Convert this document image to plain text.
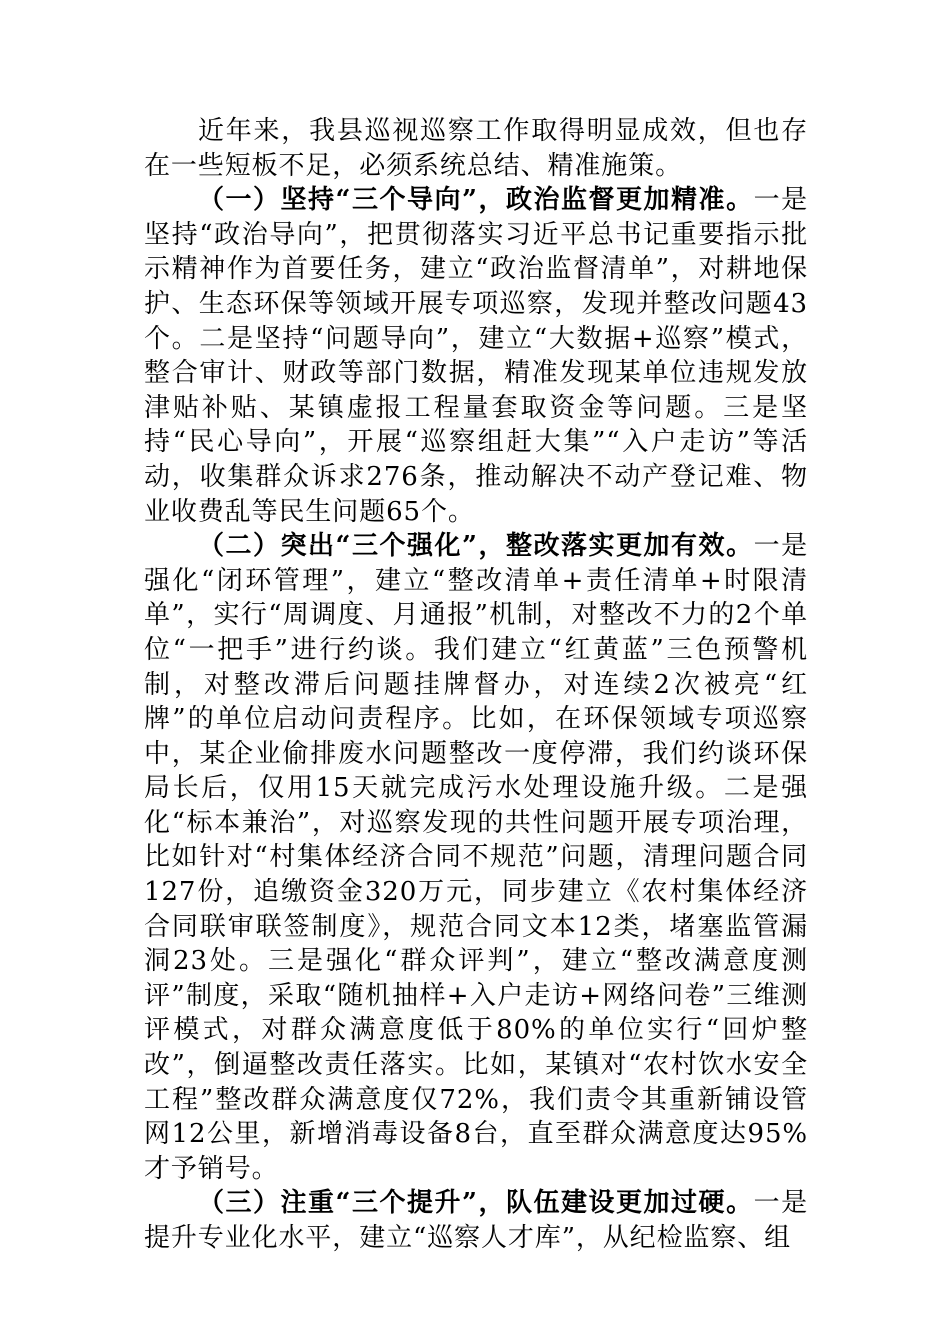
近年来，我县巡视巡察工作取得明显成效，但也存在一些短板不足，必须系统总结、精准施策。

（一）坚持“三个导向”，政治监督更加精准。一是坚持“政治导向”，把贯彻落实习近平总书记重要指示批示精神作为首要任务，建立“政治监督清单”，对耕地保护、生态环保等领域开展专项巡察，发现并整改问题43个。二是坚持“问题导向”，建立“大数据+巡察”模式，整合审计、财政等部门数据，精准发现某单位违规发放津贴补贴、某镇虚报工程量套取资金等问题。三是坚持“民心导向”，开展“巡察组赶大集”“入户走访”等活动，收集群众诉求276条，推动解决不动产登记难、物业收费乱等民生问题65个。

（二）突出“三个强化”，整改落实更加有效。一是强化“闭环管理”，建立“整改清单+责任清单+时限清单”，实行“周调度、月通报”机制，对整改不力的2个单位“一把手”进行约谈。我们建立“红黄蓝”三色预警机制，对整改滞后问题挂牌督办，对连续2次被亮“红牌”的单位启动问责程序。比如，在环保领域专项巡察中，某企业偷排废水问题整改一度停滞，我们约谈环保局长后，仅用15天就完成污水处理设施升级。二是强化“标本兼治”，对巡察发现的共性问题开展专项治理，比如针对“村集体经济合同不规范”问题，清理问题合同127份，追缴资金320万元，同步建立《农村集体经济合同联审联签制度》，规范合同文本12类，堵塞监管漏洞23处。三是强化“群众评判”，建立“整改满意度测评”制度，采取“随机抽样+入户走访+网络问卷”三维测评模式，对群众满意度低于80%的单位实行“回炉整改”，倒逼整改责任落实。比如，某镇对“农村饮水安全工程”整改群众满意度仅72%，我们责令其重新铺设管网12公里，新增消毒设备8台，直至群众满意度达95%才予销号。

（三）注重“三个提升”，队伍建设更加过硬。一是提升专业化水平，建立“巡察人才库”，从纪检监察、组
